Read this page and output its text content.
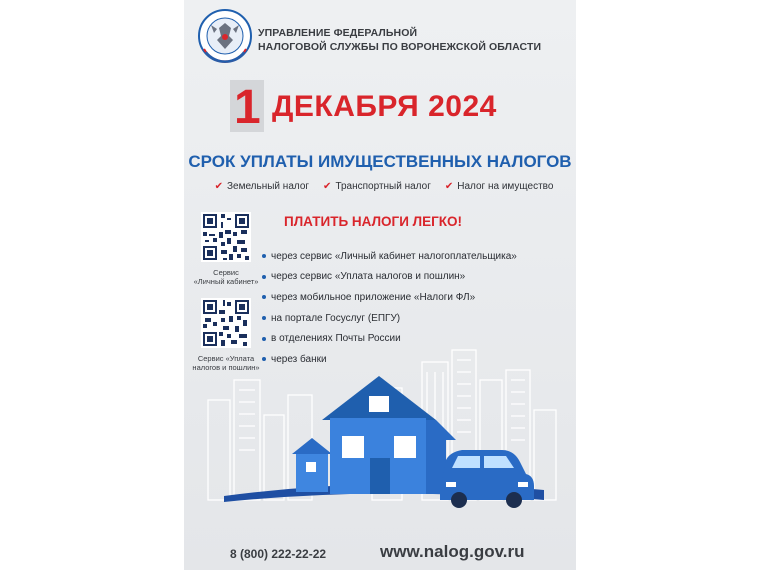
УПРАВЛЕНИЕ ФЕДЕРАЛЬНОЙ
НАЛОГОВОЙ СЛУЖБЫ ПО ВОРОНЕЖСКОЙ ОБЛАСТИ
1 ДЕКАБРЯ 2024
СРОК УПЛАТЫ ИМУЩЕСТВЕННЫХ НАЛОГОВ
✔ Земельный налог ✔ Транспортный налог ✔ Налог на имущество
ПЛАТИТЬ НАЛОГИ ЛЕГКО!
Сервис
«Личный кабинет»
Сервис «Уплата
налогов и пошлин»
через сервис «Личный кабинет налогоплательщика»
через сервис «Уплата налогов и пошлин»
через мобильное приложение «Налоги ФЛ»
на портале Госуслуг (ЕПГУ)
в отделениях Почты России
через банки
8 (800) 222-22-22	www.nalog.gov.ru
